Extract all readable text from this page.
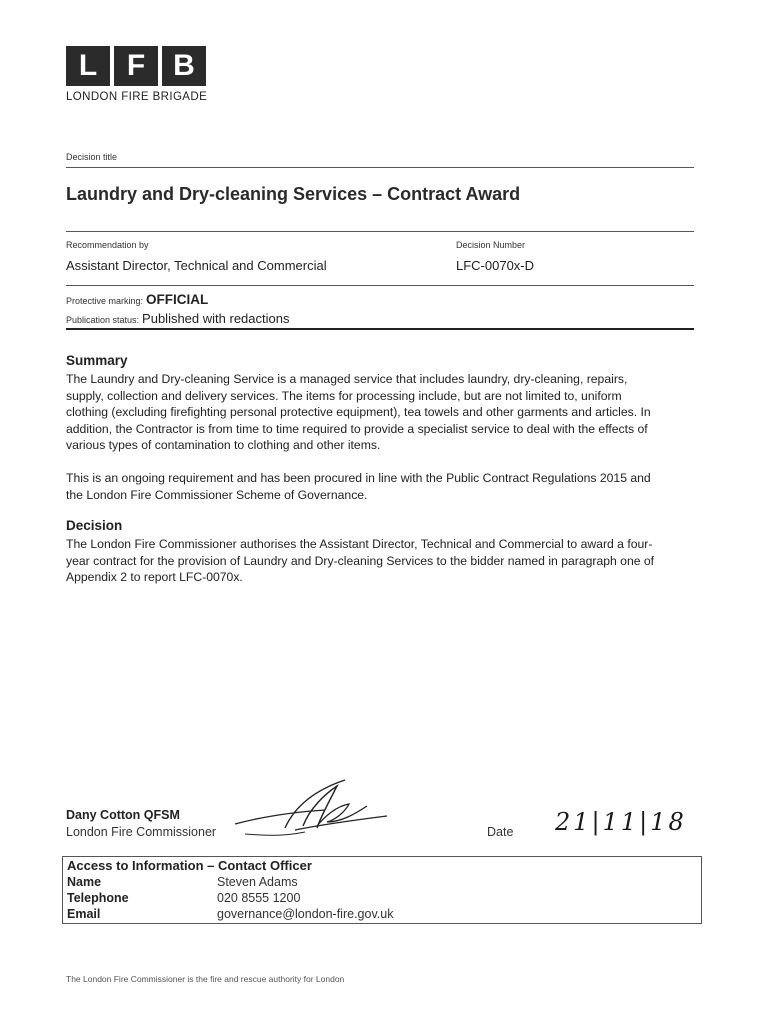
L F B
LONDON FIRE BRIGADE
Decision title
Laundry and Dry-cleaning Services – Contract Award
Recommendation by
Assistant Director, Technical and Commercial
Decision Number
LFC-0070x-D
Protective marking: OFFICIAL
Publication status: Published with redactions
Summary
The Laundry and Dry-cleaning Service is a managed service that includes laundry, dry-cleaning, repairs, supply, collection and delivery services. The items for processing include, but are not limited to, uniform clothing (excluding firefighting personal protective equipment), tea towels and other garments and articles. In addition, the Contractor is from time to time required to provide a specialist service to deal with the effects of various types of contamination to clothing and other items.
This is an ongoing requirement and has been procured in line with the Public Contract Regulations 2015 and the London Fire Commissioner Scheme of Governance.
Decision
The London Fire Commissioner authorises the Assistant Director, Technical and Commercial to award a four-year contract for the provision of Laundry and Dry-cleaning Services to the bidder named in paragraph one of Appendix 2 to report LFC-0070x.
Dany Cotton QFSM
London Fire Commissioner	Date 21|11|18
Access to Information – Contact Officer
Name	Steven Adams
Telephone	020 8555 1200
Email	governance@london-fire.gov.uk
The London Fire Commissioner is the fire and rescue authority for London
